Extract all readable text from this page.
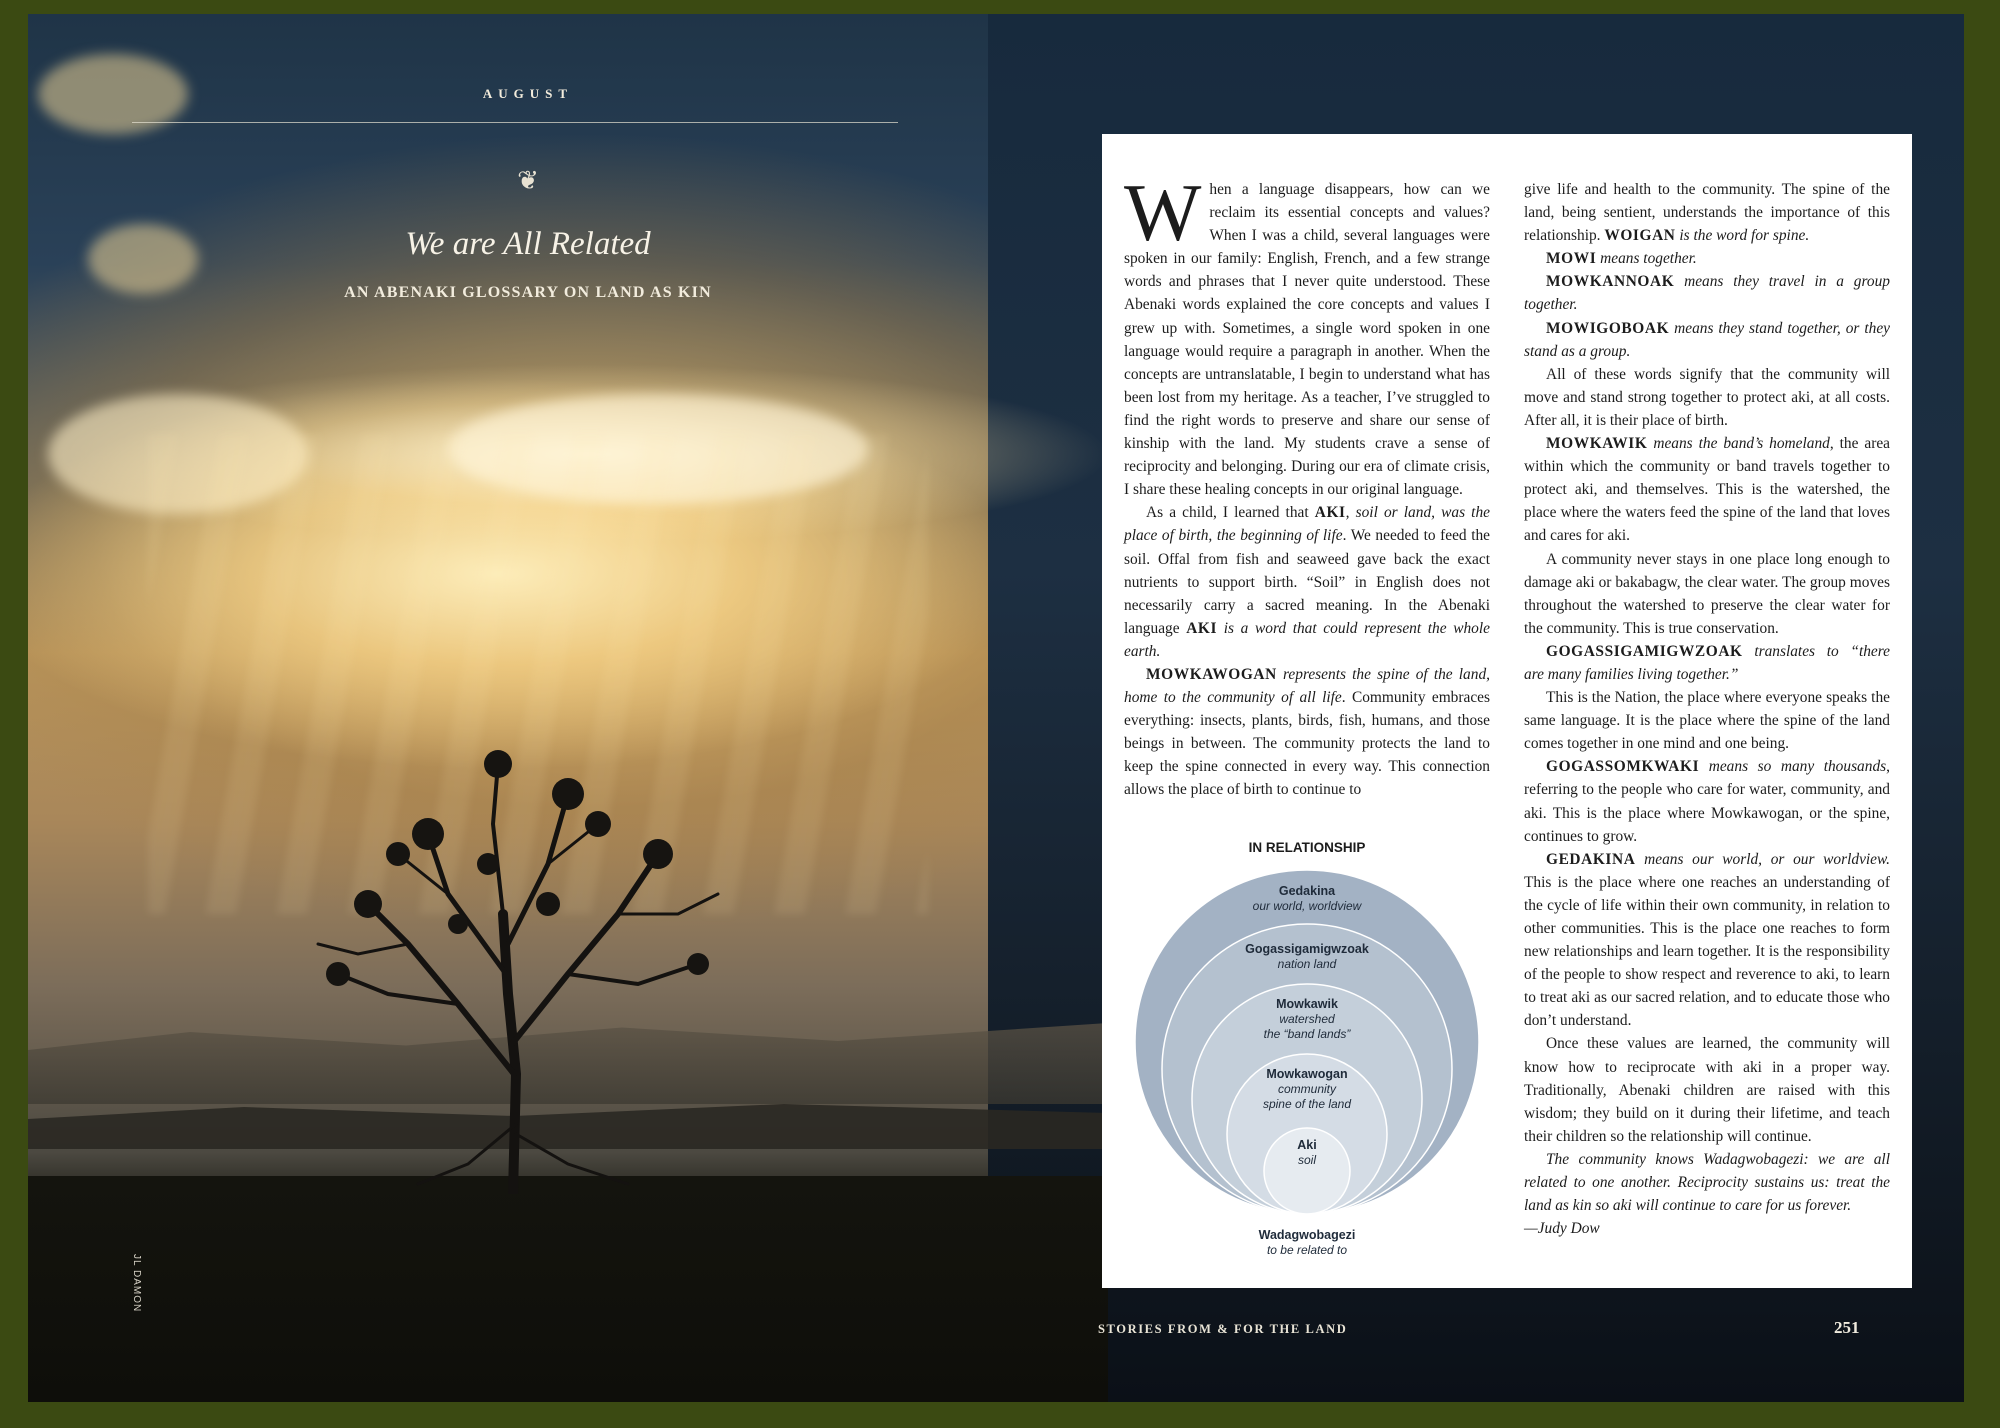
AUGUST
❦
We are All Related
AN ABENAKI GLOSSARY ON LAND AS KIN
JL DAMON

When a language disappears, how can we reclaim its essential concepts and values? When I was a child, several languages were spoken in our family: English, French, and a few strange words and phrases that I never quite understood. These Abenaki words explained the core concepts and values I grew up with. Sometimes, a single word spoken in one language would require a paragraph in another. When the concepts are untranslatable, I begin to understand what has been lost from my heritage. As a teacher, I’ve struggled to find the right words to preserve and share our sense of kinship with the land. My students crave a sense of reciprocity and belonging. During our era of climate crisis, I share these healing concepts in our original language.

As a child, I learned that AKI, soil or land, was the place of birth, the beginning of life. We needed to feed the soil. Offal from fish and seaweed gave back the exact nutrients to support birth. “Soil” in English does not necessarily carry a sacred meaning. In the Abenaki language AKI is a word that could represent the whole earth.

MOWKAWOGAN represents the spine of the land, home to the community of all life. Community embraces everything: insects, plants, birds, fish, humans, and those beings in between. The community protects the land to keep the spine connected in every way. This connection allows the place of birth to continue to

IN RELATIONSHIP
Gedakina
our world, worldview
Gogassigamigwzoak
nation land
Mowkawik
watershed
the “band lands”
Mowkawogan
community
spine of the land
Aki
soil
Wadagwobagezi
to be related to

give life and health to the community. The spine of the land, being sentient, understands the importance of this relationship. WOIGAN is the word for spine.

MOWI means together.

MOWKANNOAK means they travel in a group together.

MOWIGOBOAK means they stand together, or they stand as a group.

All of these words signify that the community will move and stand strong together to protect aki, at all costs. After all, it is their place of birth.

MOWKAWIK means the band’s homeland, the area within which the community or band travels together to protect aki, and themselves. This is the watershed, the place where the waters feed the spine of the land that loves and cares for aki.

A community never stays in one place long enough to damage aki or bakabagw, the clear water. The group moves throughout the watershed to preserve the clear water for the community. This is true conservation.

GOGASSIGAMIGWZOAK translates to “there are many families living together.”

This is the Nation, the place where everyone speaks the same language. It is the place where the spine of the land comes together in one mind and one being.

GOGASSOMKWAKI means so many thousands, referring to the people who care for water, community, and aki. This is the place where Mowkawogan, or the spine, continues to grow.

GEDAKINA means our world, or our worldview. This is the place where one reaches an understanding of the cycle of life within their own community, in relation to other communities. This is the place one reaches to form new relationships and learn together. It is the responsibility of the people to show respect and reverence to aki, to learn to treat aki as our sacred relation, and to educate those who don’t understand.

Once these values are learned, the community will know how to reciprocate with aki in a proper way. Traditionally, Abenaki children are raised with this wisdom; they build on it during their lifetime, and teach their children so the relationship will continue.

The community knows Wadagwobagezi: we are all related to one another. Reciprocity sustains us: treat the land as kin so aki will continue to care for us forever.

—Judy Dow

STORIES FROM & FOR THE LAND	251
